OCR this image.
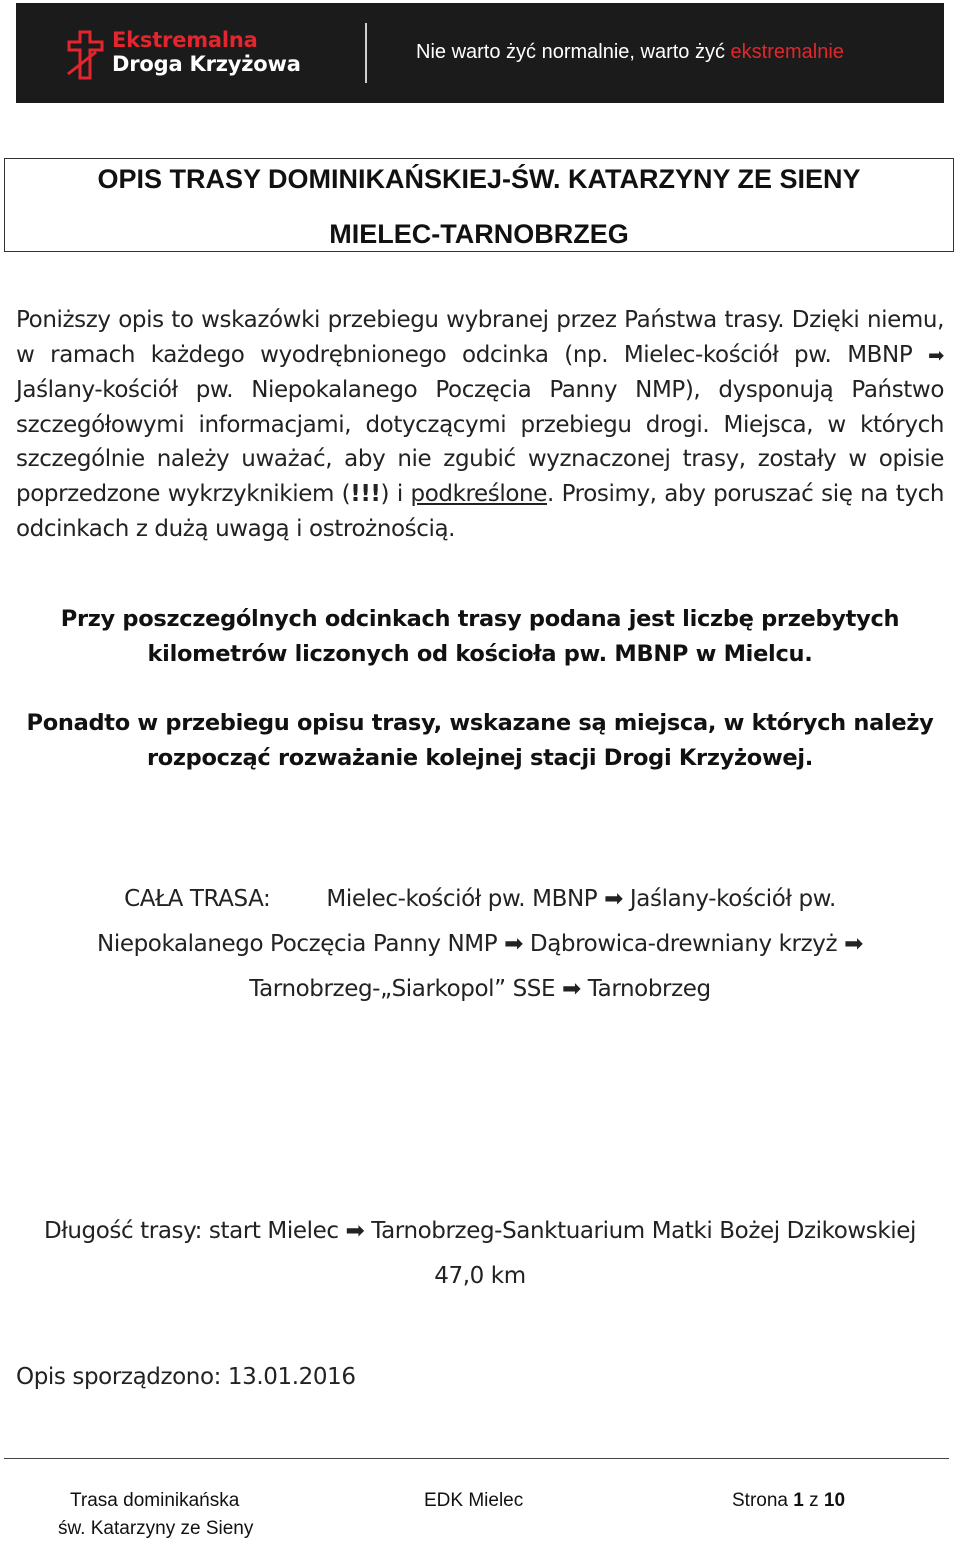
Ekstremalna
Droga Krzyżowa	Nie warto żyć normalnie, warto żyć ekstremalnie
OPIS TRASY DOMINIKAŃSKIEJ-ŚW. KATARZYNY ZE SIENY
MIELEC-TARNOBRZEG

Poniższy opis to wskazówki przebiegu wybranej przez Państwa trasy. Dzięki niemu, w ramach każdego wyodrębnionego odcinka (np. Mielec-kościół pw. MBNP ➡ Jaślany-kościół pw. Niepokalanego Poczęcia Panny NMP), dysponują Państwo szczegółowymi informacjami, dotyczącymi przebiegu drogi. Miejsca, w których szczególnie należy uważać, aby nie zgubić wyznaczonej trasy, zostały w opisie poprzedzone wykrzyknikiem (!!!) i podkreślone. Prosimy, aby poruszać się na tych odcinkach z dużą uwagą i ostrożnością.

Przy poszczególnych odcinkach trasy podana jest liczbę przebytych
kilometrów liczonych od kościoła pw. MBNP w Mielcu.

Ponadto w przebiegu opisu trasy, wskazane są miejsca, w których należy
rozpocząć rozważanie kolejnej stacji Drogi Krzyżowej.

CAŁA TRASA: Mielec-kościół pw. MBNP ➡ Jaślany-kościół pw.
Niepokalanego Poczęcia Panny NMP ➡ Dąbrowica-drewniany krzyż ➡
Tarnobrzeg-„Siarkopol” SSE ➡ Tarnobrzeg
Długość trasy: start Mielec ➡ Tarnobrzeg-Sanktuarium Matki Bożej Dzikowskiej
47,0 km
Opis sporządzono: 13.01.2016
Trasa dominikańska
św. Katarzyny ze Sieny
EDK Mielec	Strona 1 z 10
